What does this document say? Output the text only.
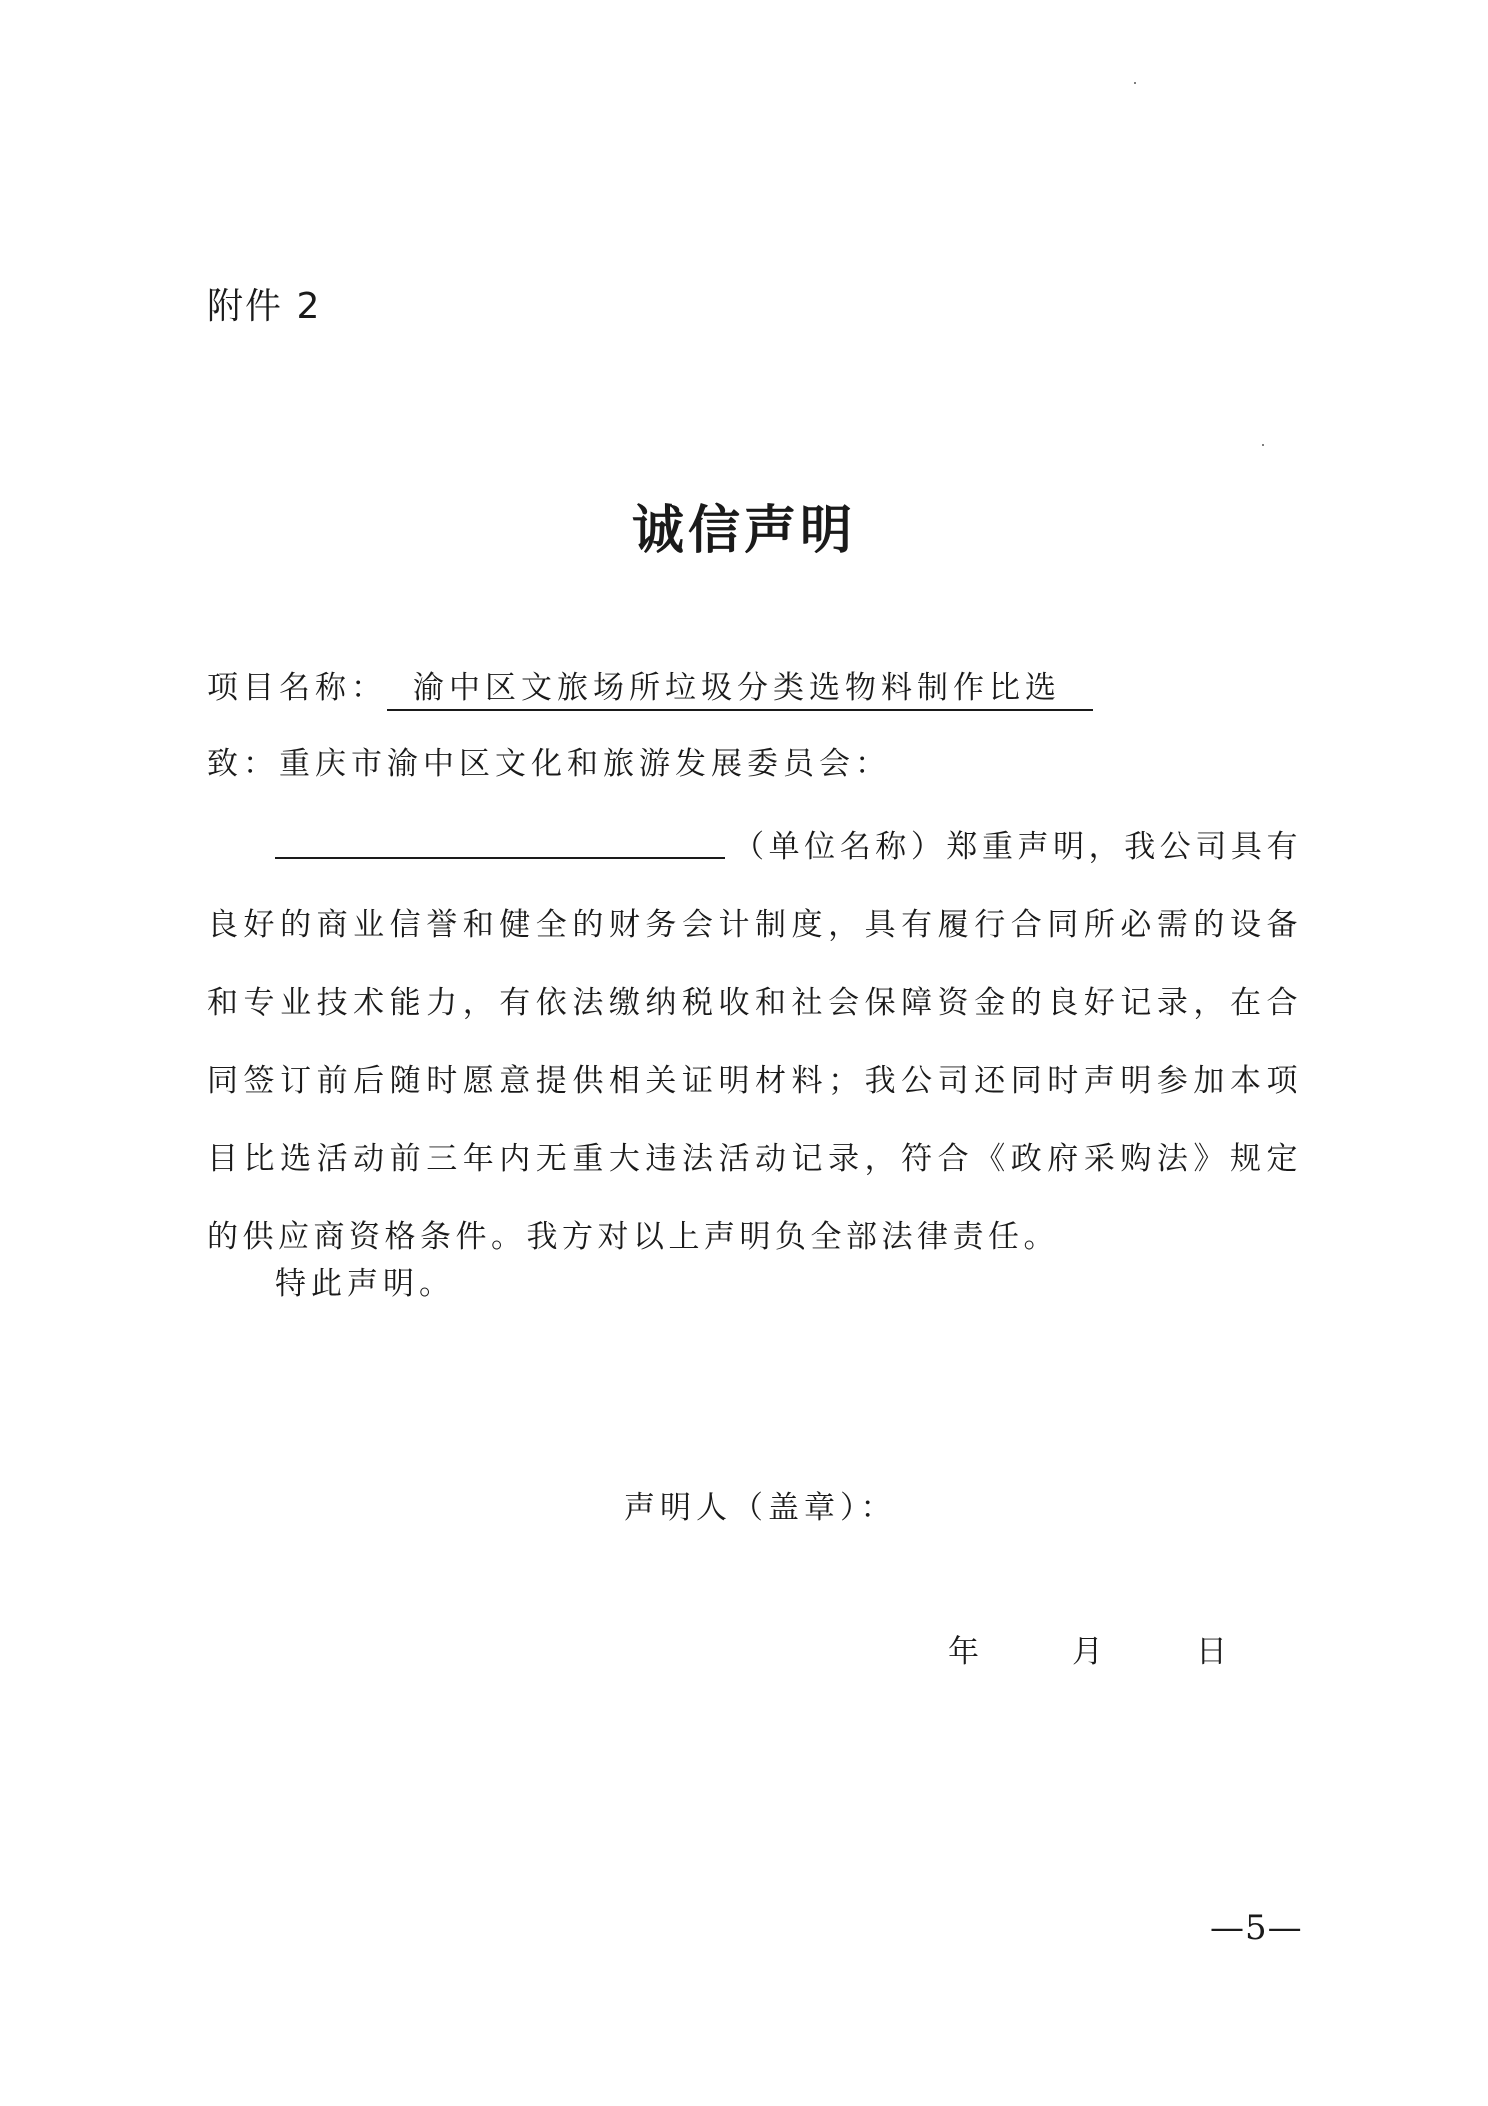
附件 2
诚信声明
项目名称： 渝中区文旅场所垃圾分类选物料制作比选
致：重庆市渝中区文化和旅游发展委员会：
（单位名称）郑重声明，我公司具有良好的商业信誉和健全的财务会计制度，具有履行合同所必需的设备和专业技术能力，有依法缴纳税收和社会保障资金的良好记录，在合同签订前后随时愿意提供相关证明材料；我公司还同时声明参加本项目比选活动前三年内无重大违法活动记录，符合《政府采购法》规定的供应商资格条件。我方对以上声明负全部法律责任。
特此声明。
声明人（盖章）：
年	月	日
—5—
